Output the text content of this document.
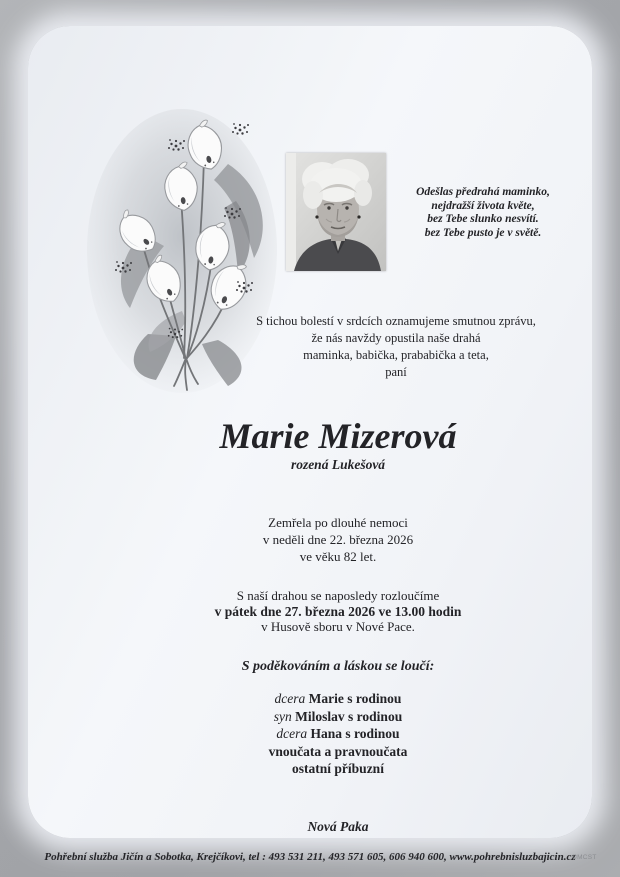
Odešlas předrahá maminko,
nejdražší života květe,
bez Tebe slunko nesvítí.
bez Tebe pusto je v světě.
S tichou bolestí v srdcích oznamujeme smutnou zprávu,
že nás navždy opustila naše drahá
maminka, babička, prababička a teta,
paní
Marie Mizerová
rozená Lukešová
Zemřela po dlouhé nemoci
v neděli dne 22. března 2026
ve věku 82 let.
S naší drahou se naposledy rozloučíme
v pátek dne 27. března 2026 ve 13.00 hodin
v Husově sboru v Nové Pace.
S poděkováním a láskou se loučí:
dcera Marie s rodinou
syn Miloslav s rodinou
dcera Hana s rodinou
vnoučata a pravnoučata
ostatní příbuzní
Nová Paka
Pohřební služba Jičín a Sobotka, Krejčíkovi, tel : 493 531 211, 493 571 605, 606 940 600, www.pohrebnisluzbajicin.cz
©MCST
